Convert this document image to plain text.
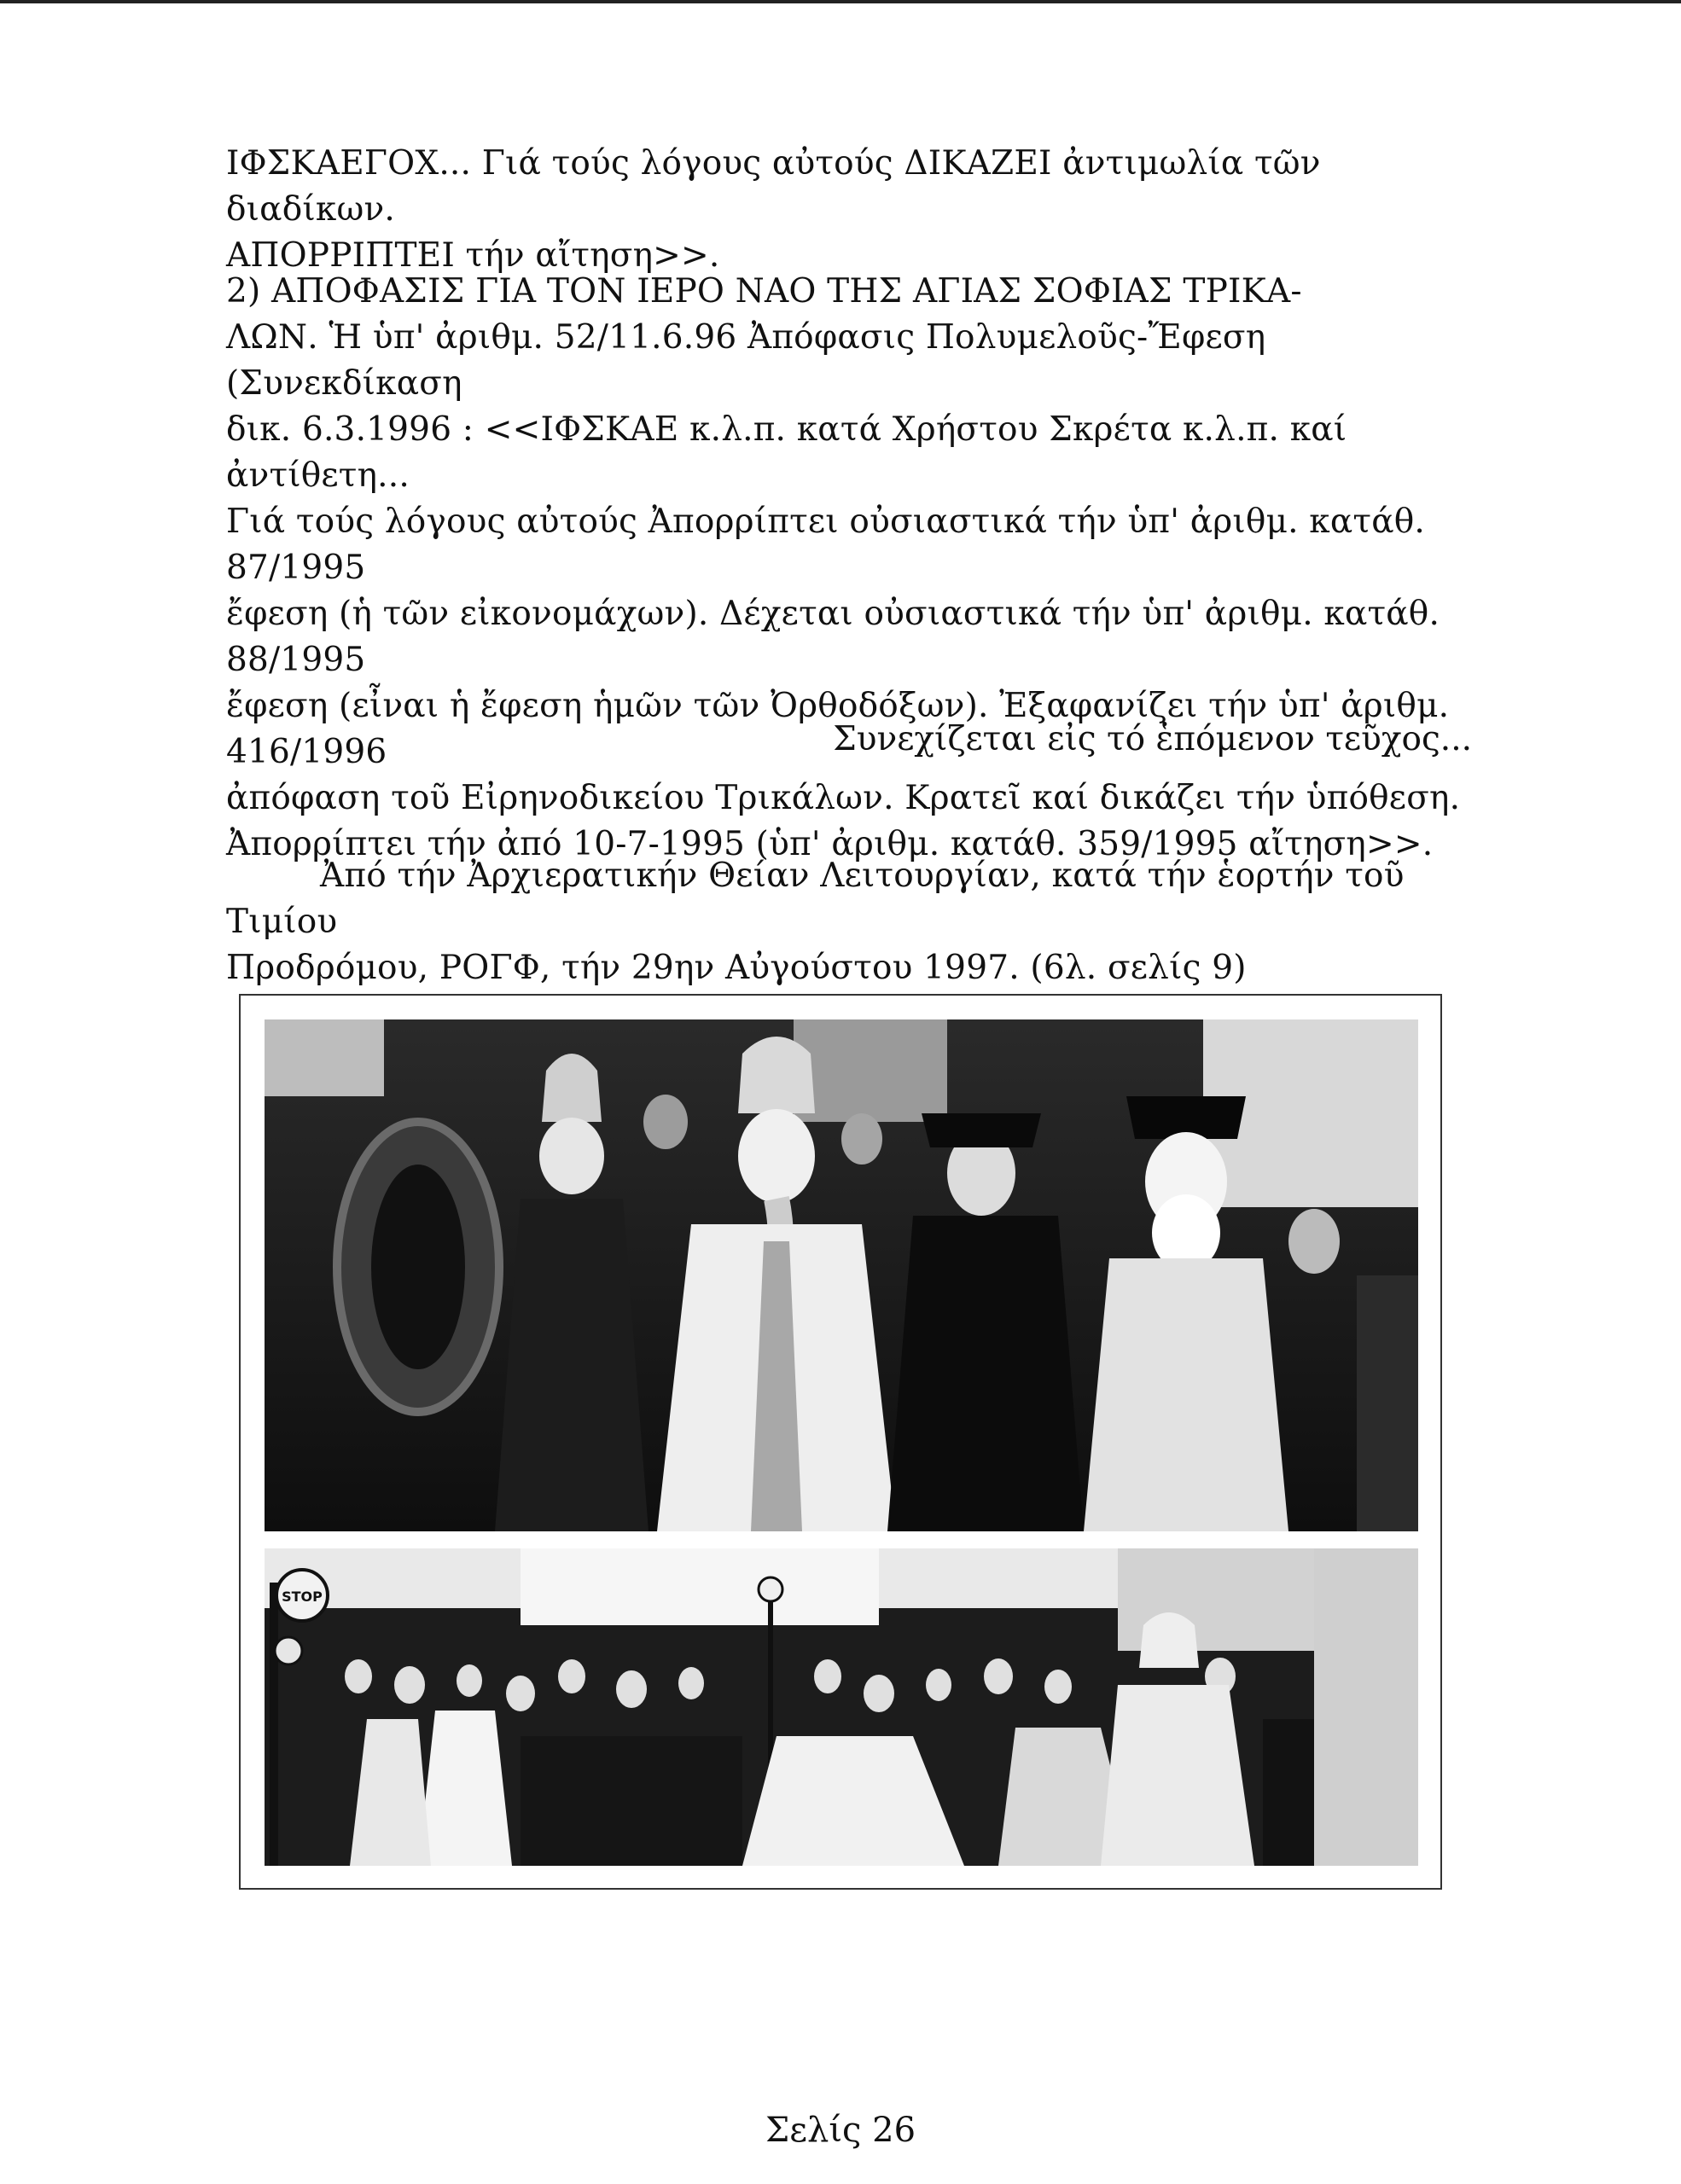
ΙΦΣΚΑΕΓΟΧ... Γιά τούς λόγους αὐτούς ΔΙΚΑΖΕΙ ἀντιμωλία τῶν διαδίκων.

ΑΠΟΡΡΙΠΤΕΙ τήν αἴτηση>>.

2) ΑΠΟΦΑΣΙΣ ΓΙΑ ΤΟΝ ΙΕΡΟ ΝΑΟ ΤΗΣ ΑΓΙΑΣ ΣΟΦΙΑΣ ΤΡΙΚΑ-

ΛΩΝ. Ἡ ὑπ' ἀριθμ. 52/11.6.96 Ἀπόφασις Πολυμελοῦς-Ἔφεση (Συνεκδίκαση

δικ. 6.3.1996 : <<ΙΦΣΚΑΕ κ.λ.π. κατά Χρήστου Σκρέτα κ.λ.π. καί ἀντίθετη...

Γιά τούς λόγους αὐτούς Ἀπορρίπτει οὐσιαστικά τήν ὑπ' ἀριθμ. κατάθ. 87/1995

ἔφεση (ἡ τῶν εἰκονομάχων). Δέχεται οὐσιαστικά τήν ὑπ' ἀριθμ. κατάθ. 88/1995

ἔφεση (εἶναι ἡ ἔφεση ἡμῶν τῶν Ὀρθοδόξων). Ἐξαφανίζει τήν ὑπ' ἀριθμ. 416/1996

ἀπόφαση τοῦ Εἰρηνοδικείου Τρικάλων. Κρατεῖ καί δικάζει τήν ὑπόθεση.

Ἀπορρίπτει τήν ἀπό 10-7-1995 (ὑπ' ἀριθμ. κατάθ. 359/1995 αἴτηση>>.

Συνεχίζεται εἰς τό ἑπόμενον τεῦχος...

Ἀπό τήν Ἀρχιερατικήν Θείαν Λειτουργίαν, κατά τήν ἑορτήν τοῦ Τιμίου

Προδρόμου, ΡΟΓΦ, τήν 29ην Αὐγούστου 1997. (6λ. σελίς 9)

STOP
Σελίς 26
